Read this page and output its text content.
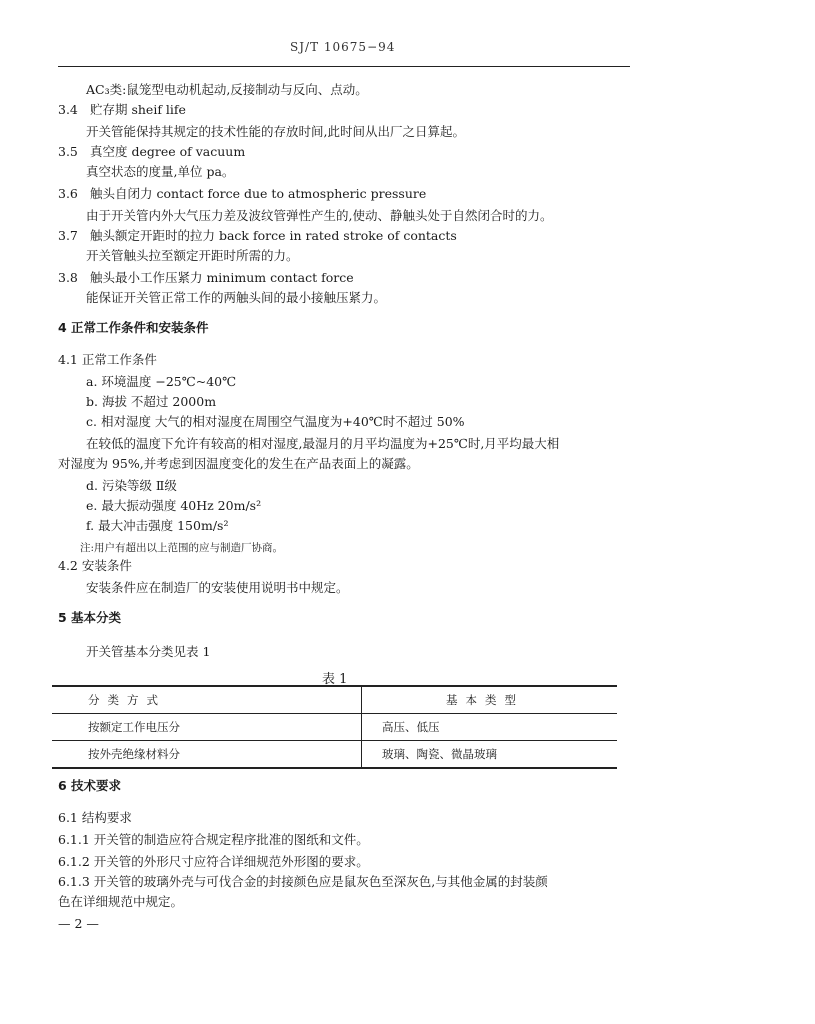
SJ/T 10675−94
AC₃类:鼠笼型电动机起动,反接制动与反向、点动。
3.4 贮存期 sheif life
开关管能保持其规定的技术性能的存放时间,此时间从出厂之日算起。
3.5 真空度 degree of vacuum
真空状态的度量,单位 pa。
3.6 触头自闭力 contact force due to atmospheric pressure
由于开关管内外大气压力差及波纹管弹性产生的,使动、静触头处于自然闭合时的力。
3.7 触头额定开距时的拉力 back force in rated stroke of contacts
开关管触头拉至额定开距时所需的力。
3.8 触头最小工作压紧力 minimum contact force
能保证开关管正常工作的两触头间的最小接触压紧力。
4 正常工作条件和安装条件
4.1 正常工作条件
a. 环境温度 −25℃~40℃
b. 海拔 不超过 2000m
c. 相对湿度 大气的相对湿度在周围空气温度为+40℃时不超过 50%
在较低的温度下允许有较高的相对湿度,最湿月的月平均温度为+25℃时,月平均最大相
对湿度为 95%,并考虑到因温度变化的发生在产品表面上的凝露。
d. 污染等级 Ⅱ级
e. 最大振动强度 40Hz 20m/s²
f. 最大冲击强度 150m/s²
注:用户有超出以上范围的应与制造厂协商。
4.2 安装条件
安装条件应在制造厂的安装使用说明书中规定。
5 基本分类
开关管基本分类见表 1
表 1
分类方式	基本类型
按额定工作电压分	高压、低压
按外壳绝缘材料分	玻璃、陶瓷、微晶玻璃
6 技术要求
6.1 结构要求
6.1.1 开关管的制造应符合规定程序批准的图纸和文件。
6.1.2 开关管的外形尺寸应符合详细规范外形图的要求。
6.1.3 开关管的玻璃外壳与可伐合金的封接颜色应是鼠灰色至深灰色,与其他金属的封装颜
色在详细规范中规定。
— 2 —
